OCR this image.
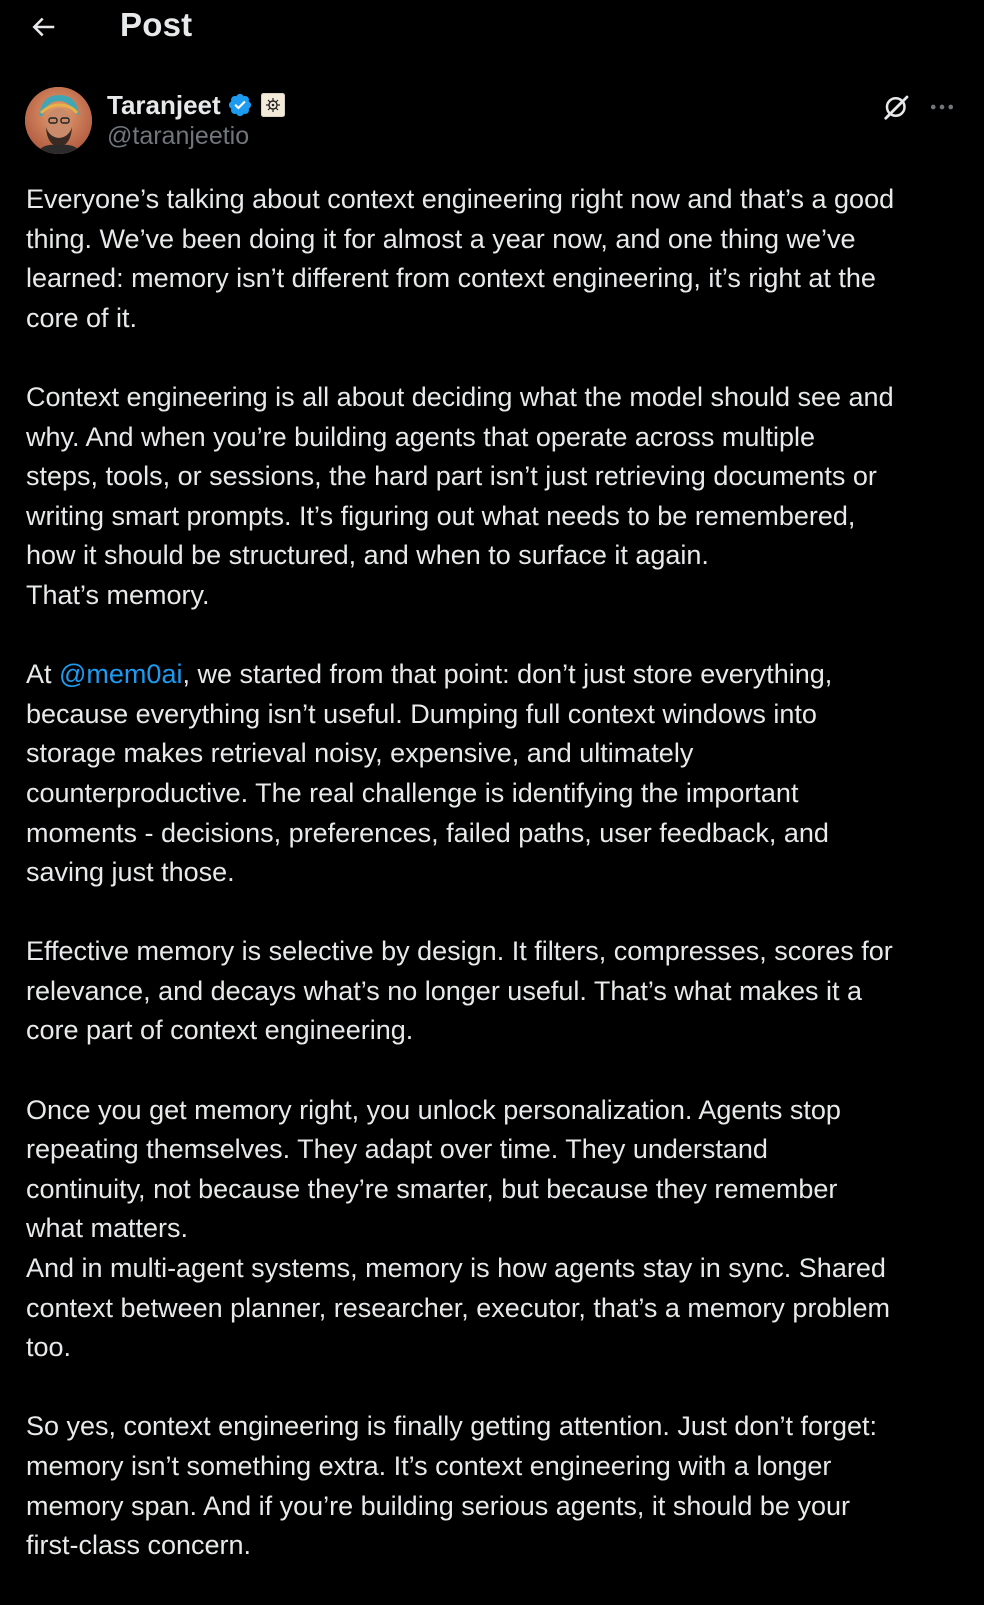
Post
Taranjeet
@taranjeetio

Everyone’s talking about context engineering right now and that’s a good
thing. We’ve been doing it for almost a year now, and one thing we’ve
learned: memory isn’t different from context engineering, it’s right at the
core of it.

Context engineering is all about deciding what the model should see and
why. And when you’re building agents that operate across multiple
steps, tools, or sessions, the hard part isn’t just retrieving documents or
writing smart prompts. It’s figuring out what needs to be remembered,
how it should be structured, and when to surface it again.
That’s memory.

At @mem0ai, we started from that point: don’t just store everything,
because everything isn’t useful. Dumping full context windows into
storage makes retrieval noisy, expensive, and ultimately
counterproductive. The real challenge is identifying the important
moments - decisions, preferences, failed paths, user feedback, and
saving just those.

Effective memory is selective by design. It filters, compresses, scores for
relevance, and decays what’s no longer useful. That’s what makes it a
core part of context engineering.

Once you get memory right, you unlock personalization. Agents stop
repeating themselves. They adapt over time. They understand
continuity, not because they’re smarter, but because they remember
what matters.
And in multi-agent systems, memory is how agents stay in sync. Shared
context between planner, researcher, executor, that’s a memory problem
too.

So yes, context engineering is finally getting attention. Just don’t forget:
memory isn’t something extra. It’s context engineering with a longer
memory span. And if you’re building serious agents, it should be your
first-class concern.
